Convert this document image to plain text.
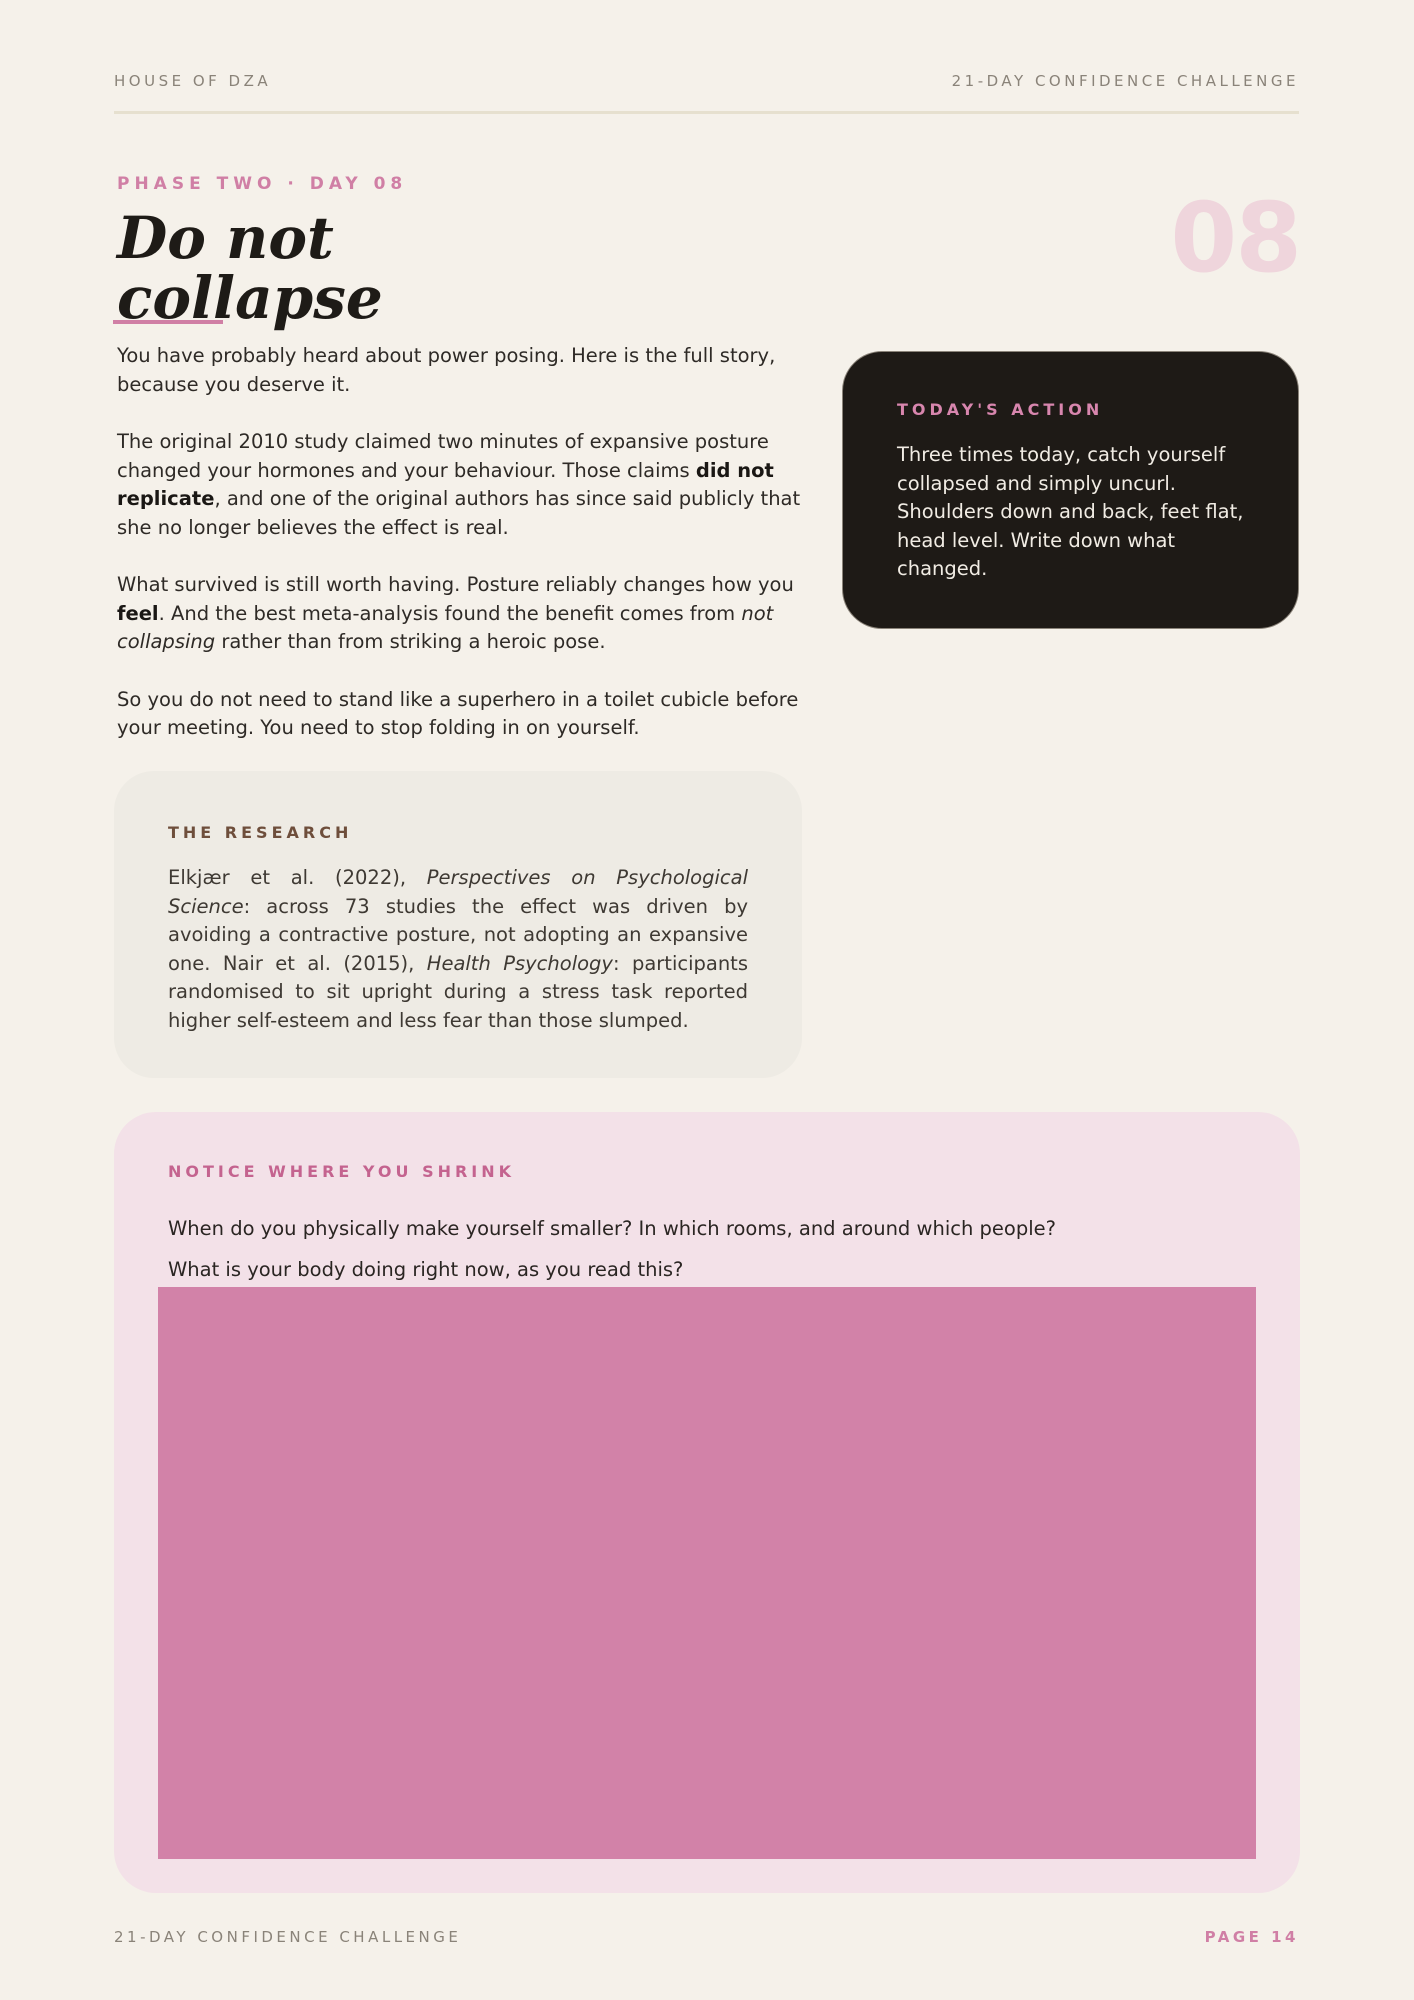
HOUSE OF DZA	21-DAY CONFIDENCE CHALLENGE
PHASE TWO · DAY 08
Do not

collapse
08

You have probably heard about power posing. Here is the full story, because you deserve it.

The original 2010 study claimed two minutes of expansive posture changed your hormones and your behaviour. Those claims did not replicate, and one of the original authors has since said publicly that she no longer believes the effect is real.

What survived is still worth having. Posture reliably changes how you feel. And the best meta-analysis found the benefit comes from not collapsing rather than from striking a heroic pose.

So you do not need to stand like a superhero in a toilet cubicle before your meeting. You need to stop folding in on yourself.

TODAY'S ACTION
Three times today, catch yourself collapsed and simply uncurl. Shoulders down and back, feet flat, head level. Write down what changed.
THE RESEARCH
Elkjær et al. (2022), Perspectives on Psychological Science: across 73 studies the effect was driven by avoiding a contractive posture, not adopting an expansive one. Nair et al. (2015), Health Psychology: participants randomised to sit upright during a stress task reported higher self-esteem and less fear than those slumped.
NOTICE WHERE YOU SHRINK
When do you physically make yourself smaller? In which rooms, and around which people?
What is your body doing right now, as you read this?
21-DAY CONFIDENCE CHALLENGE	PAGE 14
